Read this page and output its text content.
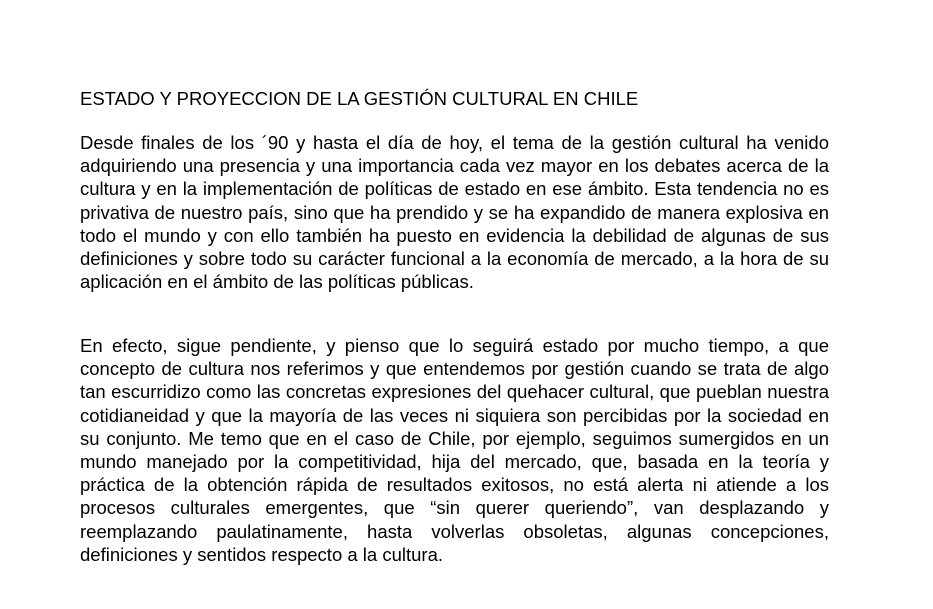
ESTADO Y PROYECCION DE LA GESTIÓN CULTURAL EN CHILE

Desde finales de los ´90 y hasta el día de hoy, el tema de la gestión cultural ha venido adquiriendo una presencia y una importancia cada vez mayor en los debates acerca de la cultura y en la implementación de políticas de estado en ese ámbito. Esta tendencia no es privativa de nuestro país, sino que ha prendido y se ha expandido de manera explosiva en todo el mundo y con ello también ha puesto en evidencia la debilidad de algunas de sus definiciones y sobre todo su carácter funcional a la economía de mercado, a la hora de su aplicación en el ámbito de las políticas públicas.

En efecto, sigue pendiente, y pienso que lo seguirá estado por mucho tiempo, a que concepto de cultura nos referimos y que entendemos por gestión cuando se trata de algo tan escurridizo como las concretas expresiones del quehacer cultural, que pueblan nuestra cotidianeidad y que la mayoría de las veces ni siquiera son percibidas por la sociedad en su conjunto. Me temo que en el caso de Chile, por ejemplo, seguimos sumergidos en un mundo manejado por la competitividad, hija del mercado, que, basada en la teoría y práctica de la obtención rápida de resultados exitosos, no está alerta ni atiende a los procesos culturales emergentes, que “sin querer queriendo”, van desplazando y reemplazando paulatinamente, hasta volverlas obsoletas, algunas concepciones, definiciones y sentidos respecto a la cultura.
